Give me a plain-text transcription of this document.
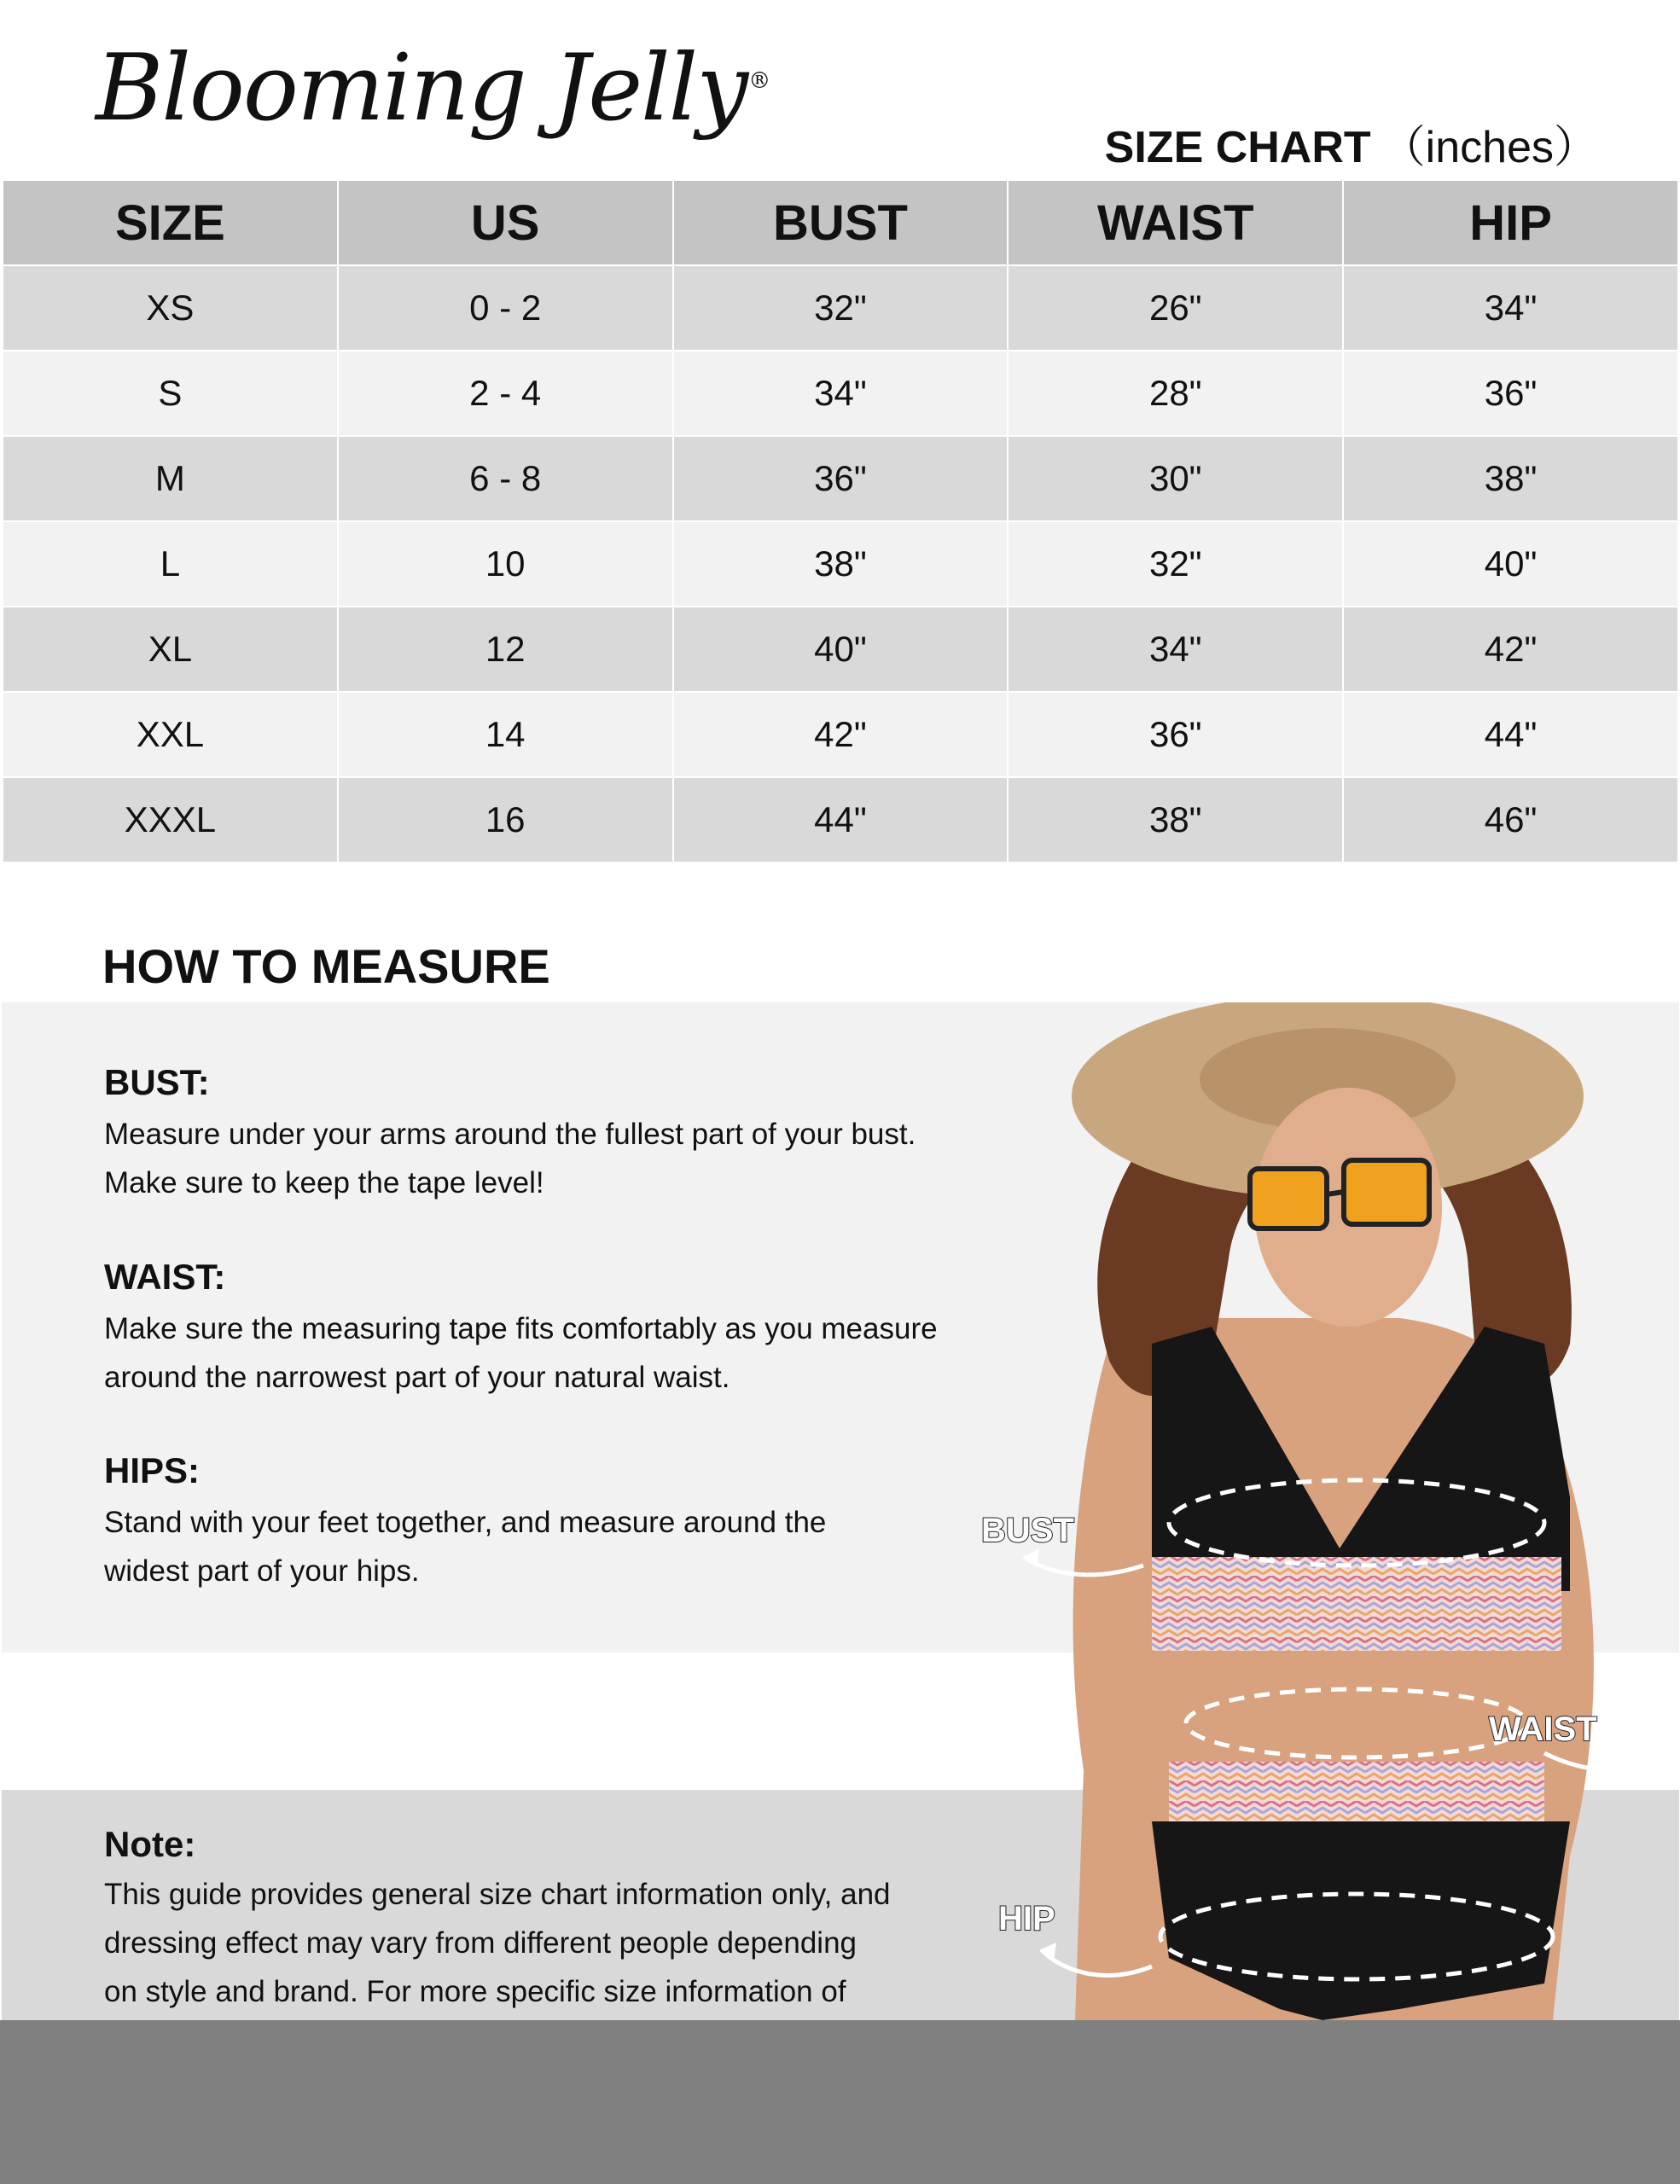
Blooming Jelly®
SIZE CHART （inches）
SIZE	US	BUST	WAIST	HIP
XS	0 - 2	32"	26"	34"
S	2 - 4	34"	28"	36"
M	6 - 8	36"	30"	38"
L	10	38"	32"	40"
XL	12	40"	34"	42"
XXL	14	42"	36"	44"
XXXL	16	44"	38"	46"
HOW TO MEASURE
BUST:
Measure under your arms around the fullest part of your bust.
Make sure to keep the tape level!
WAIST:
Make sure the measuring tape fits comfortably as you measure
around the narrowest part of your natural waist.
HIPS:
Stand with your feet together, and measure around the
widest part of your hips.
Note:
This guide provides general size chart information only, and
dressing effect may vary from different people depending
on style and brand. For more specific size information of
BUST
WAIST
HIP
